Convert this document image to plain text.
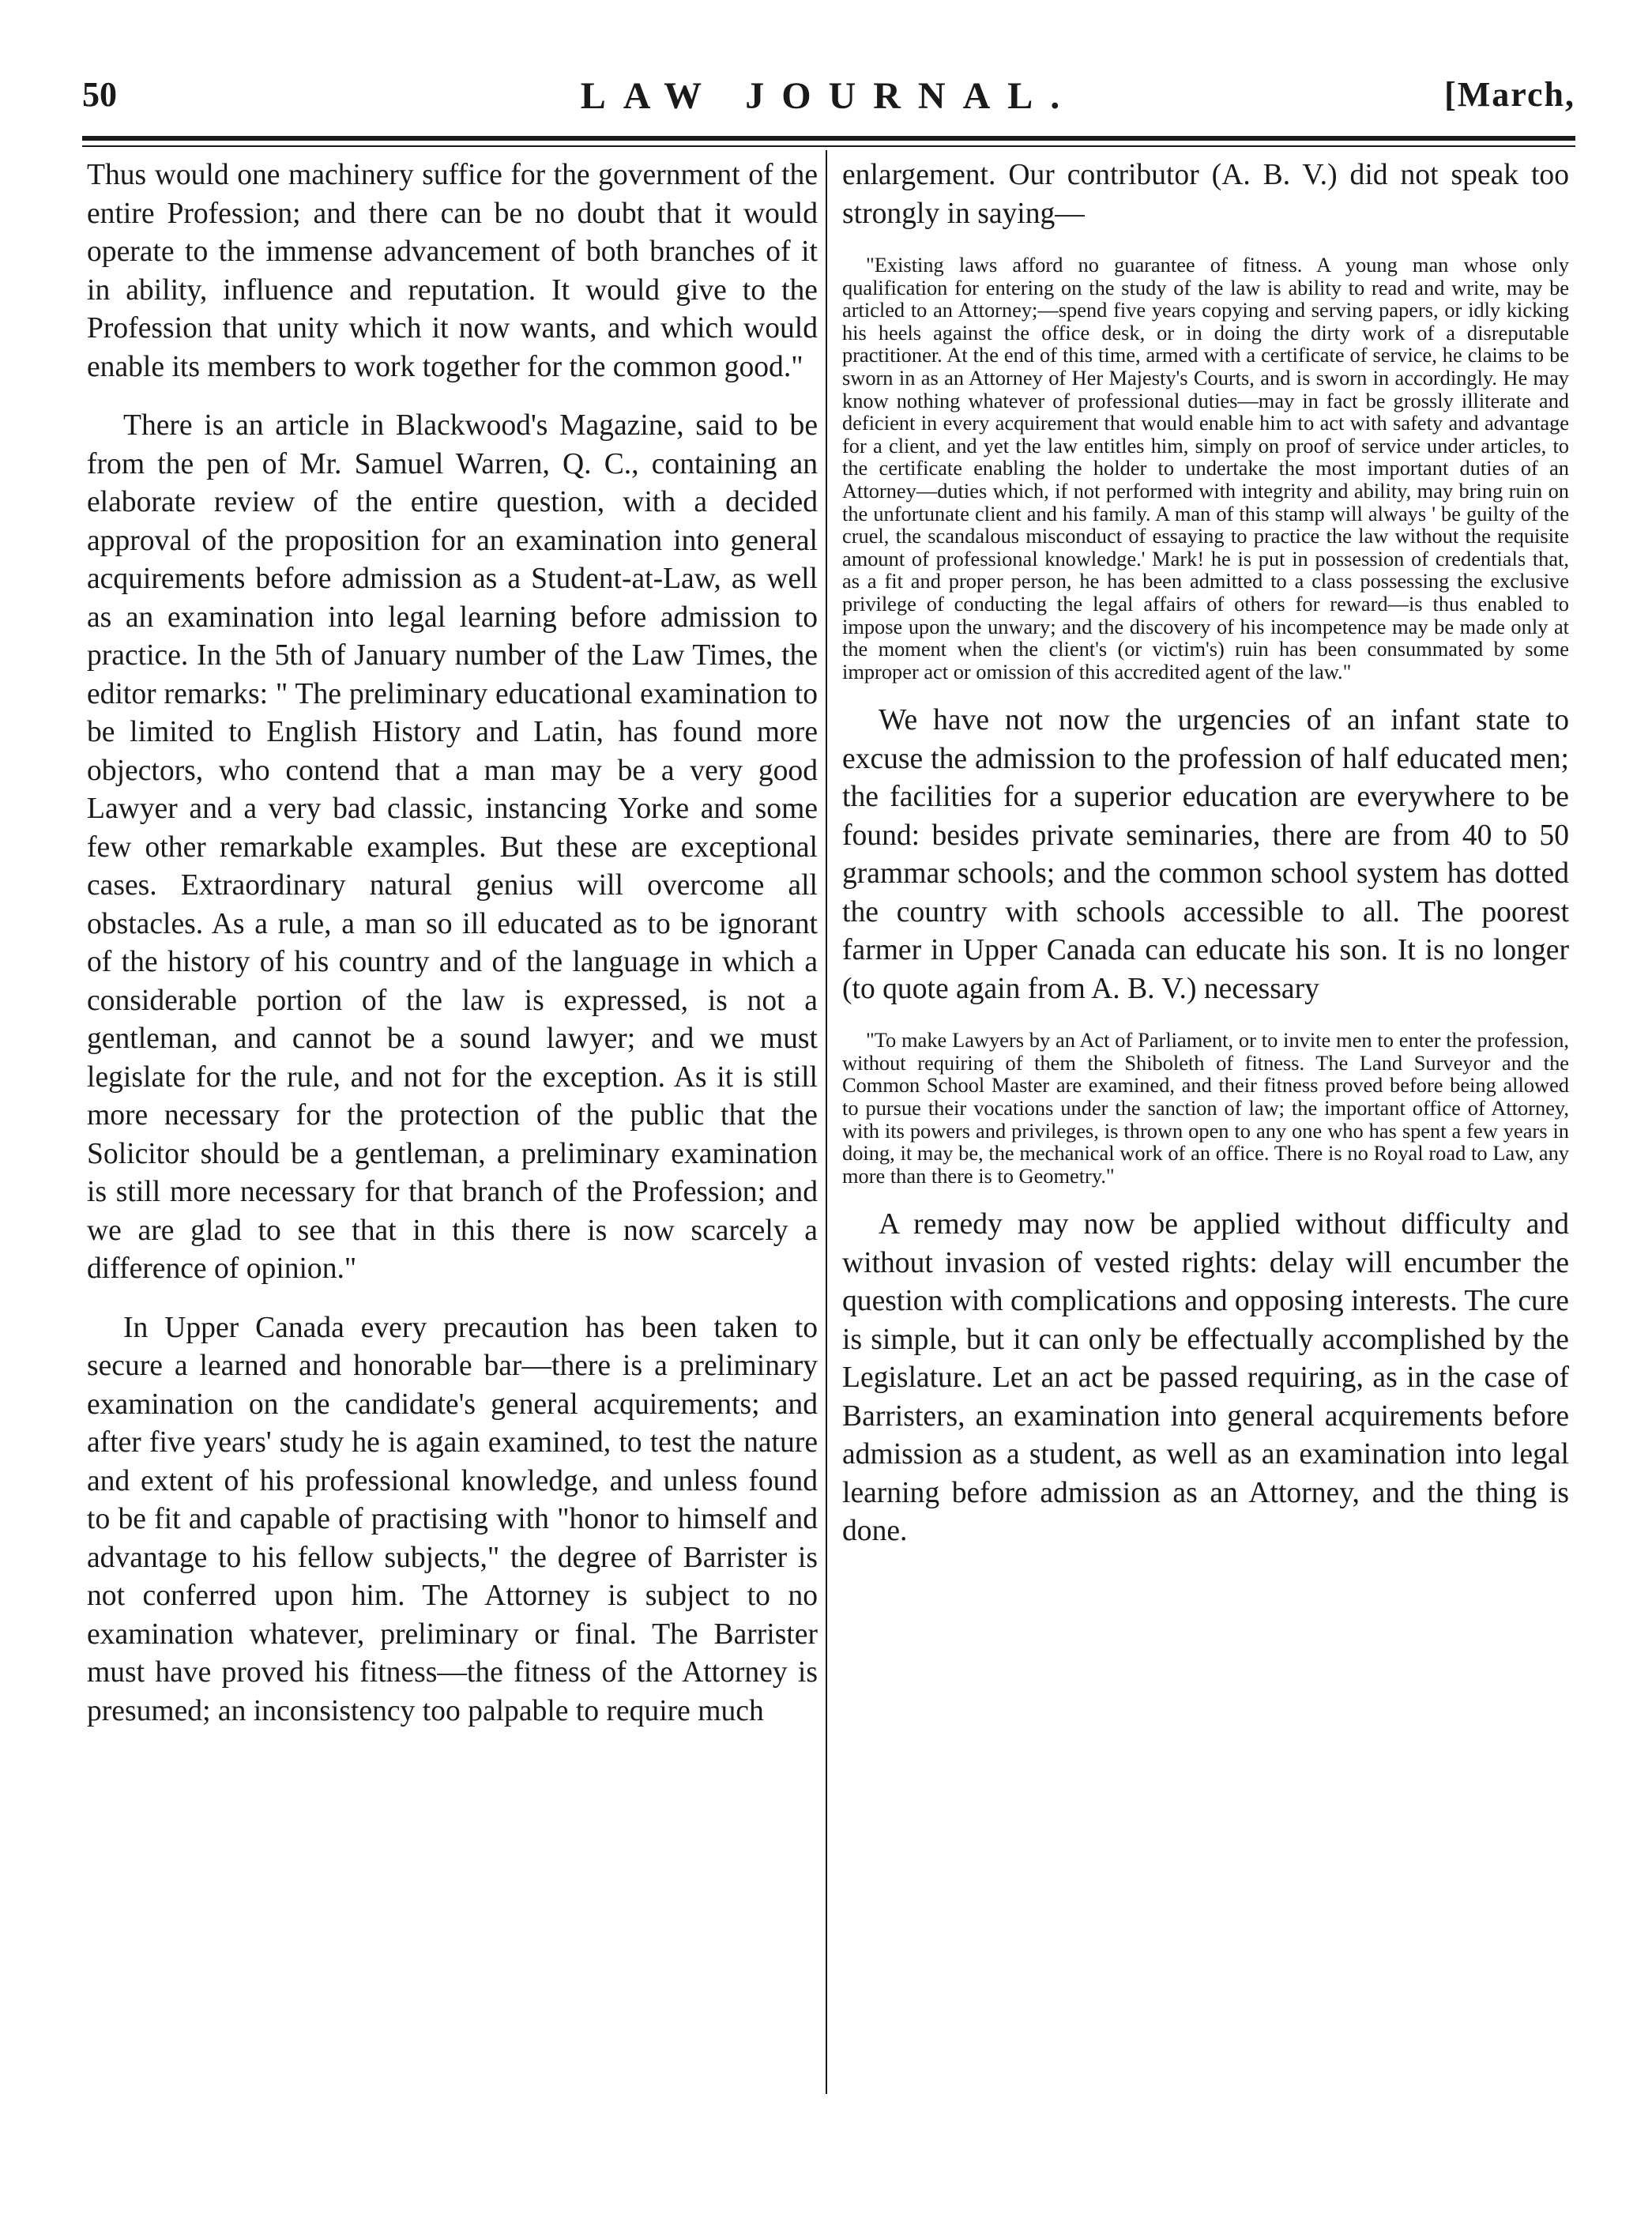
50	LAW JOURNAL.	[March,

Thus would one machinery suffice for the government of the entire Profession; and there can be no doubt that it would operate to the immense advancement of both branches of it in ability, influence and reputation. It would give to the Profession that unity which it now wants, and which would enable its members to work together for the common good."

There is an article in Blackwood's Magazine, said to be from the pen of Mr. Samuel Warren, Q. C., containing an elaborate review of the entire question, with a decided approval of the proposition for an examination into general acquirements before admission as a Student-at-Law, as well as an examination into legal learning before admission to practice. In the 5th of January number of the Law Times, the editor remarks: " The preliminary educational examination to be limited to English History and Latin, has found more objectors, who contend that a man may be a very good Lawyer and a very bad classic, instancing Yorke and some few other remarkable examples. But these are exceptional cases. Extraordinary natural genius will overcome all obstacles. As a rule, a man so ill educated as to be ignorant of the history of his country and of the language in which a considerable portion of the law is expressed, is not a gentleman, and cannot be a sound lawyer; and we must legislate for the rule, and not for the exception. As it is still more necessary for the protection of the public that the Solicitor should be a gentleman, a preliminary examination is still more necessary for that branch of the Profession; and we are glad to see that in this there is now scarcely a difference of opinion."

In Upper Canada every precaution has been taken to secure a learned and honorable bar—there is a preliminary examination on the candidate's general acquirements; and after five years' study he is again examined, to test the nature and extent of his professional knowledge, and unless found to be fit and capable of practising with "honor to himself and advantage to his fellow subjects," the degree of Barrister is not conferred upon him. The Attorney is subject to no examination whatever, preliminary or final. The Barrister must have proved his fitness—the fitness of the Attorney is presumed; an inconsistency too palpable to require much

enlargement. Our contributor (A. B. V.) did not speak too strongly in saying—

"Existing laws afford no guarantee of fitness. A young man whose only qualification for entering on the study of the law is ability to read and write, may be articled to an Attorney;—spend five years copying and serving papers, or idly kicking his heels against the office desk, or in doing the dirty work of a disreputable practitioner. At the end of this time, armed with a certificate of service, he claims to be sworn in as an Attorney of Her Majesty's Courts, and is sworn in accordingly. He may know nothing whatever of professional duties—may in fact be grossly illiterate and deficient in every acquirement that would enable him to act with safety and advantage for a client, and yet the law entitles him, simply on proof of service under articles, to the certificate enabling the holder to undertake the most important duties of an Attorney—duties which, if not performed with integrity and ability, may bring ruin on the unfortunate client and his family. A man of this stamp will always ' be guilty of the cruel, the scandalous misconduct of essaying to practice the law without the requisite amount of professional knowledge.' Mark! he is put in possession of credentials that, as a fit and proper person, he has been admitted to a class possessing the exclusive privilege of conducting the legal affairs of others for reward—is thus enabled to impose upon the unwary; and the discovery of his incompetence may be made only at the moment when the client's (or victim's) ruin has been consummated by some improper act or omission of this accredited agent of the law."

We have not now the urgencies of an infant state to excuse the admission to the profession of half educated men; the facilities for a superior education are everywhere to be found: besides private seminaries, there are from 40 to 50 grammar schools; and the common school system has dotted the country with schools accessible to all. The poorest farmer in Upper Canada can educate his son. It is no longer (to quote again from A. B. V.) necessary

"To make Lawyers by an Act of Parliament, or to invite men to enter the profession, without requiring of them the Shiboleth of fitness. The Land Surveyor and the Common School Master are examined, and their fitness proved before being allowed to pursue their vocations under the sanction of law; the important office of Attorney, with its powers and privileges, is thrown open to any one who has spent a few years in doing, it may be, the mechanical work of an office. There is no Royal road to Law, any more than there is to Geometry."

A remedy may now be applied without difficulty and without invasion of vested rights: delay will encumber the question with complications and opposing interests. The cure is simple, but it can only be effectually accomplished by the Legislature. Let an act be passed requiring, as in the case of Barristers, an examination into general acquirements before admission as a student, as well as an examination into legal learning before admission as an Attorney, and the thing is done.
